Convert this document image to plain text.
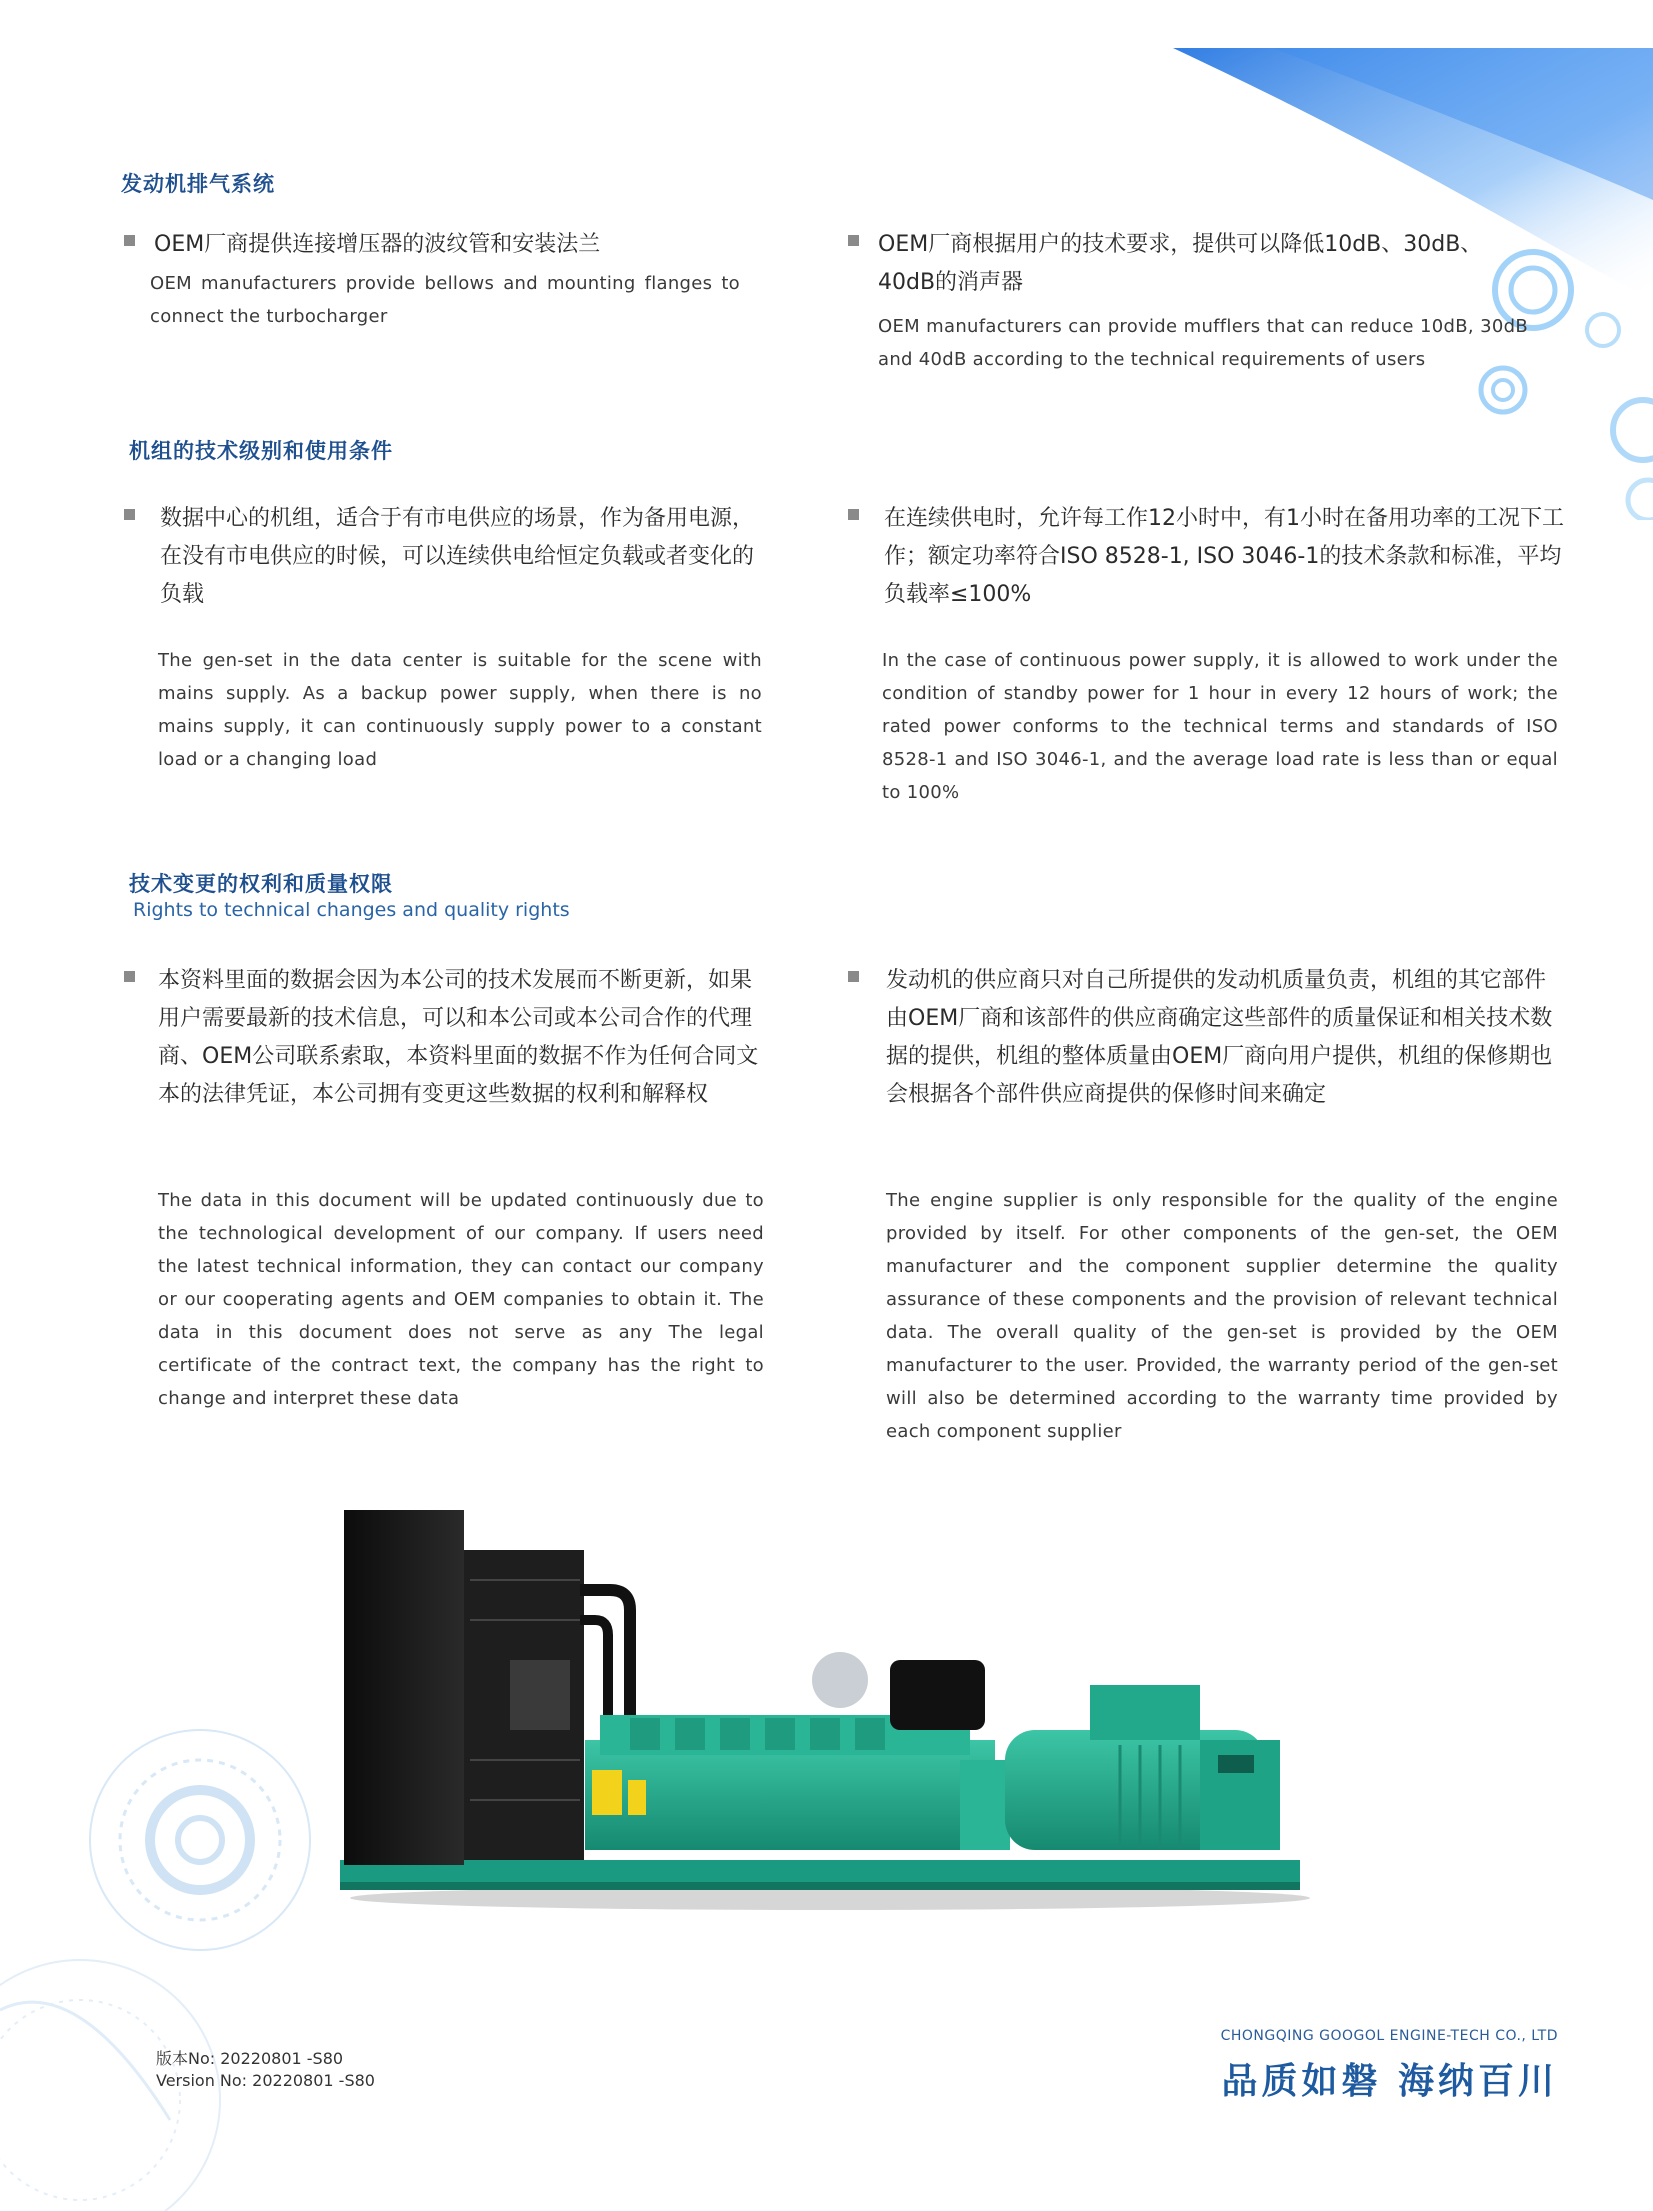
发动机排气系统
OEM厂商提供连接增压器的波纹管和安装法兰
OEM manufacturers provide bellows and mounting flanges to connect the turbocharger
OEM厂商根据用户的技术要求，提供可以降低10dB、30dB、40dB的消声器
OEM manufacturers can provide mufflers that can reduce 10dB, 30dB and 40dB according to the technical requirements of users
机组的技术级别和使用条件
数据中心的机组，适合于有市电供应的场景，作为备用电源，在没有市电供应的时候，可以连续供电给恒定负载或者变化的负载
The gen-set in the data center is suitable for the scene with mains supply. As a backup power supply, when there is no mains supply, it can continuously supply power to a constant load or a changing load
在连续供电时，允许每工作12小时中，有1小时在备用功率的工况下工作；额定功率符合ISO 8528-1, ISO 3046-1的技术条款和标准，平均负载率≤100%
In the case of continuous power supply, it is allowed to work under the condition of standby power for 1 hour in every 12 hours of work; the rated power conforms to the technical terms and standards of ISO 8528-1 and ISO 3046-1, and the average load rate is less than or equal to 100%
技术变更的权利和质量权限
Rights to technical changes and quality rights
本资料里面的数据会因为本公司的技术发展而不断更新，如果用户需要最新的技术信息，可以和本公司或本公司合作的代理商、OEM公司联系索取，本资料里面的数据不作为任何合同文本的法律凭证，本公司拥有变更这些数据的权利和解释权
The data in this document will be updated continuously due to the technological development of our company. If users need the latest technical information, they can contact our company or our cooperating agents and OEM companies to obtain it. The data in this document does not serve as any The legal certificate of the contract text, the company has the right to change and interpret these data
发动机的供应商只对自己所提供的发动机质量负责，机组的其它部件由OEM厂商和该部件的供应商确定这些部件的质量保证和相关技术数据的提供，机组的整体质量由OEM厂商向用户提供，机组的保修期也会根据各个部件供应商提供的保修时间来确定
The engine supplier is only responsible for the quality of the engine provided by itself. For other components of the gen-set, the OEM manufacturer and the component supplier determine the quality assurance of these components and the provision of relevant technical data. The overall quality of the gen-set is provided by the OEM manufacturer to the user. Provided, the warranty period of the gen-set will also be determined according to the warranty time provided by each component supplier
版本No: 20220801 -S80
Version No: 20220801 -S80
CHONGQING GOOGOL ENGINE-TECH CO., LTD
品质如磐 海纳百川
